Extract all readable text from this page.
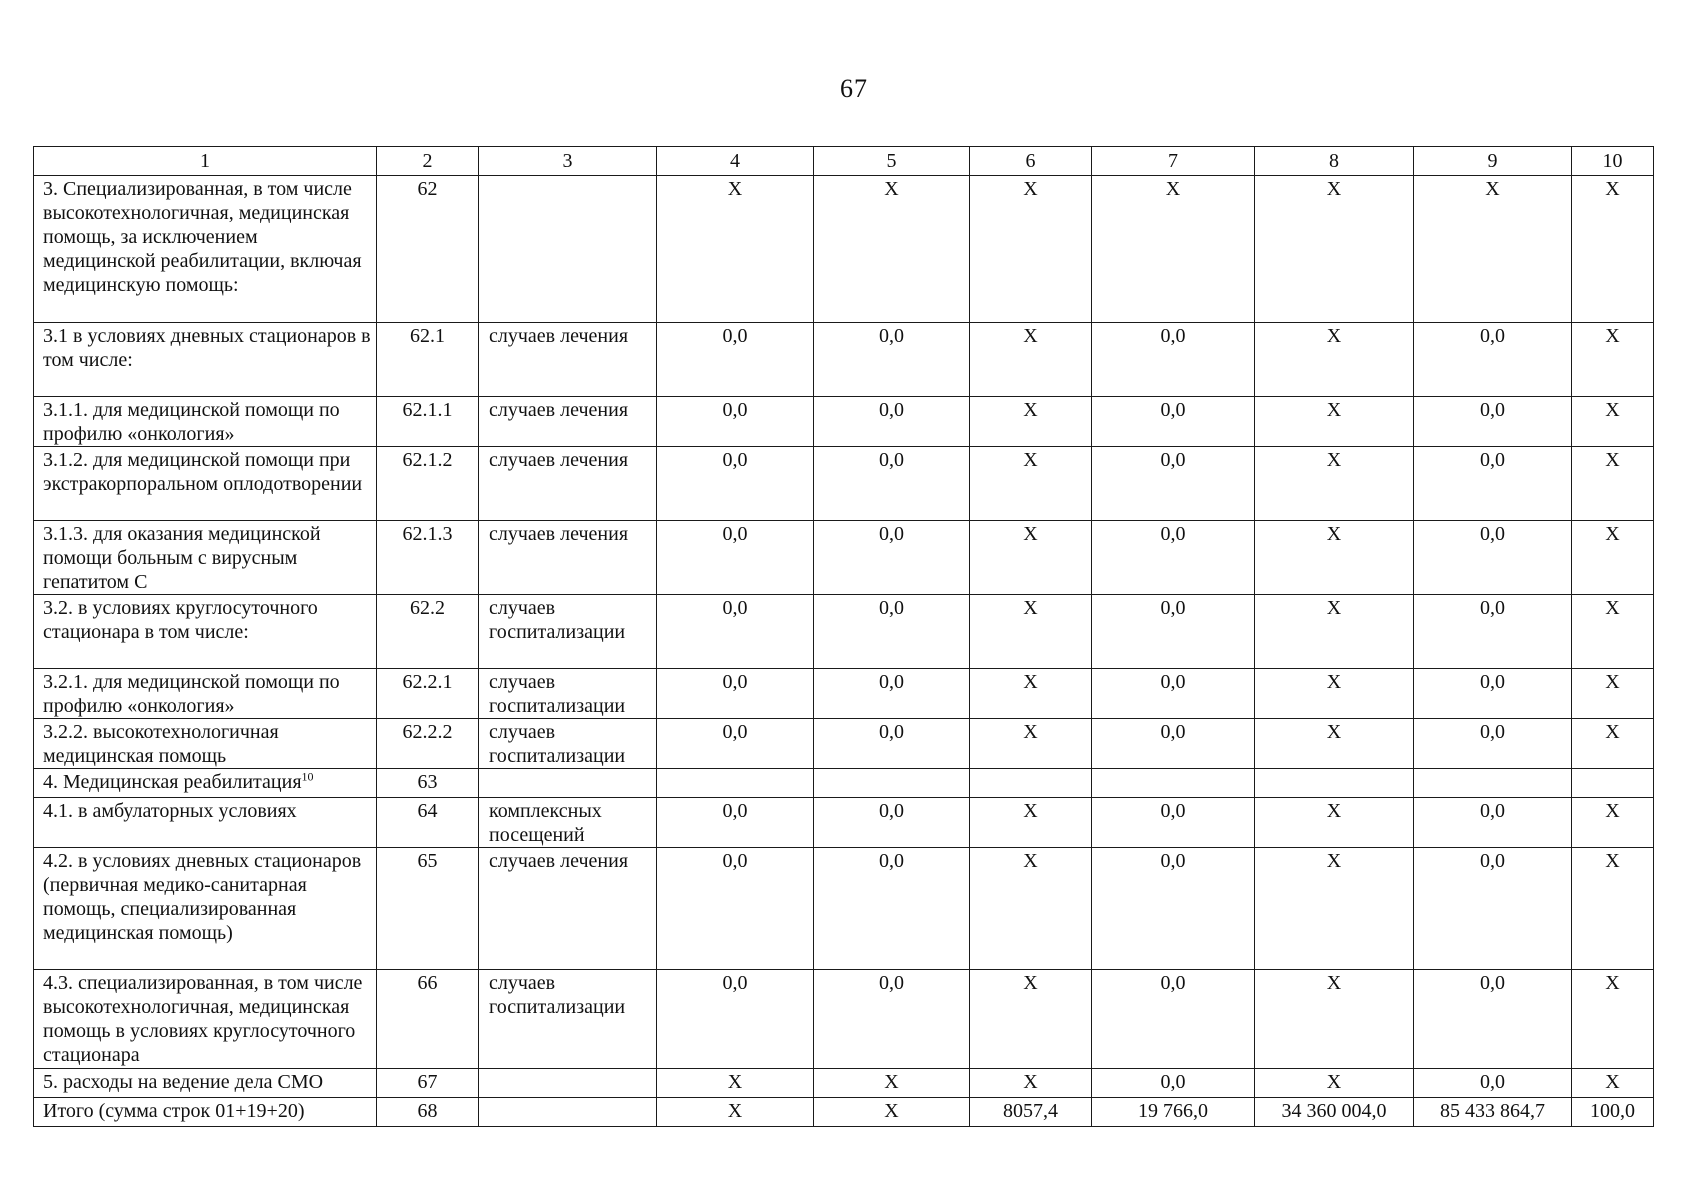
67
1	2	3	4	5	6	7	8	9	10
3. Специализированная, в том числе высокотехнологичная, медицинская помощь, за исключением медицинской реабилитации, включая медицинскую помощь:	62		Х	Х	Х	Х	Х	Х	Х
3.1 в условиях дневных стационаров в том числе:	62.1	случаев лечения	0,0	0,0	Х	0,0	Х	0,0	Х
3.1.1. для медицинской помощи по профилю «онкология»	62.1.1	случаев лечения	0,0	0,0	Х	0,0	Х	0,0	Х
3.1.2. для медицинской помощи при экстракорпоральном оплодотворении	62.1.2	случаев лечения	0,0	0,0	Х	0,0	Х	0,0	Х
3.1.3. для оказания медицинской помощи больным с вирусным гепатитом С	62.1.3	случаев лечения	0,0	0,0	Х	0,0	Х	0,0	Х
3.2. в условиях круглосуточного стационара в том числе:	62.2	случаев госпитализации	0,0	0,0	Х	0,0	Х	0,0	Х
3.2.1. для медицинской помощи по профилю «онкология»	62.2.1	случаев госпитализации	0,0	0,0	Х	0,0	Х	0,0	Х
3.2.2. высокотехнологичная медицинская помощь	62.2.2	случаев госпитализации	0,0	0,0	Х	0,0	Х	0,0	Х
4. Медицинская реабилитация$^{10}$	63								
4.1. в амбулаторных условиях	64	комплексных посещений	0,0	0,0	Х	0,0	Х	0,0	Х
4.2. в условиях дневных стационаров (первичная медико-санитарная помощь, специализированная медицинская помощь)	65	случаев лечения	0,0	0,0	Х	0,0	Х	0,0	Х
4.3. специализированная, в том числе высокотехнологичная, медицинская помощь в условиях круглосуточного стационара	66	случаев госпитализации	0,0	0,0	Х	0,0	Х	0,0	Х
5. расходы на ведение дела СМО	67		Х	Х	Х	0,0	Х	0,0	Х
Итого (сумма строк 01+19+20)	68		Х	Х	8057,4	19 766,0	34 360 004,0	85 433 864,7	100,0
